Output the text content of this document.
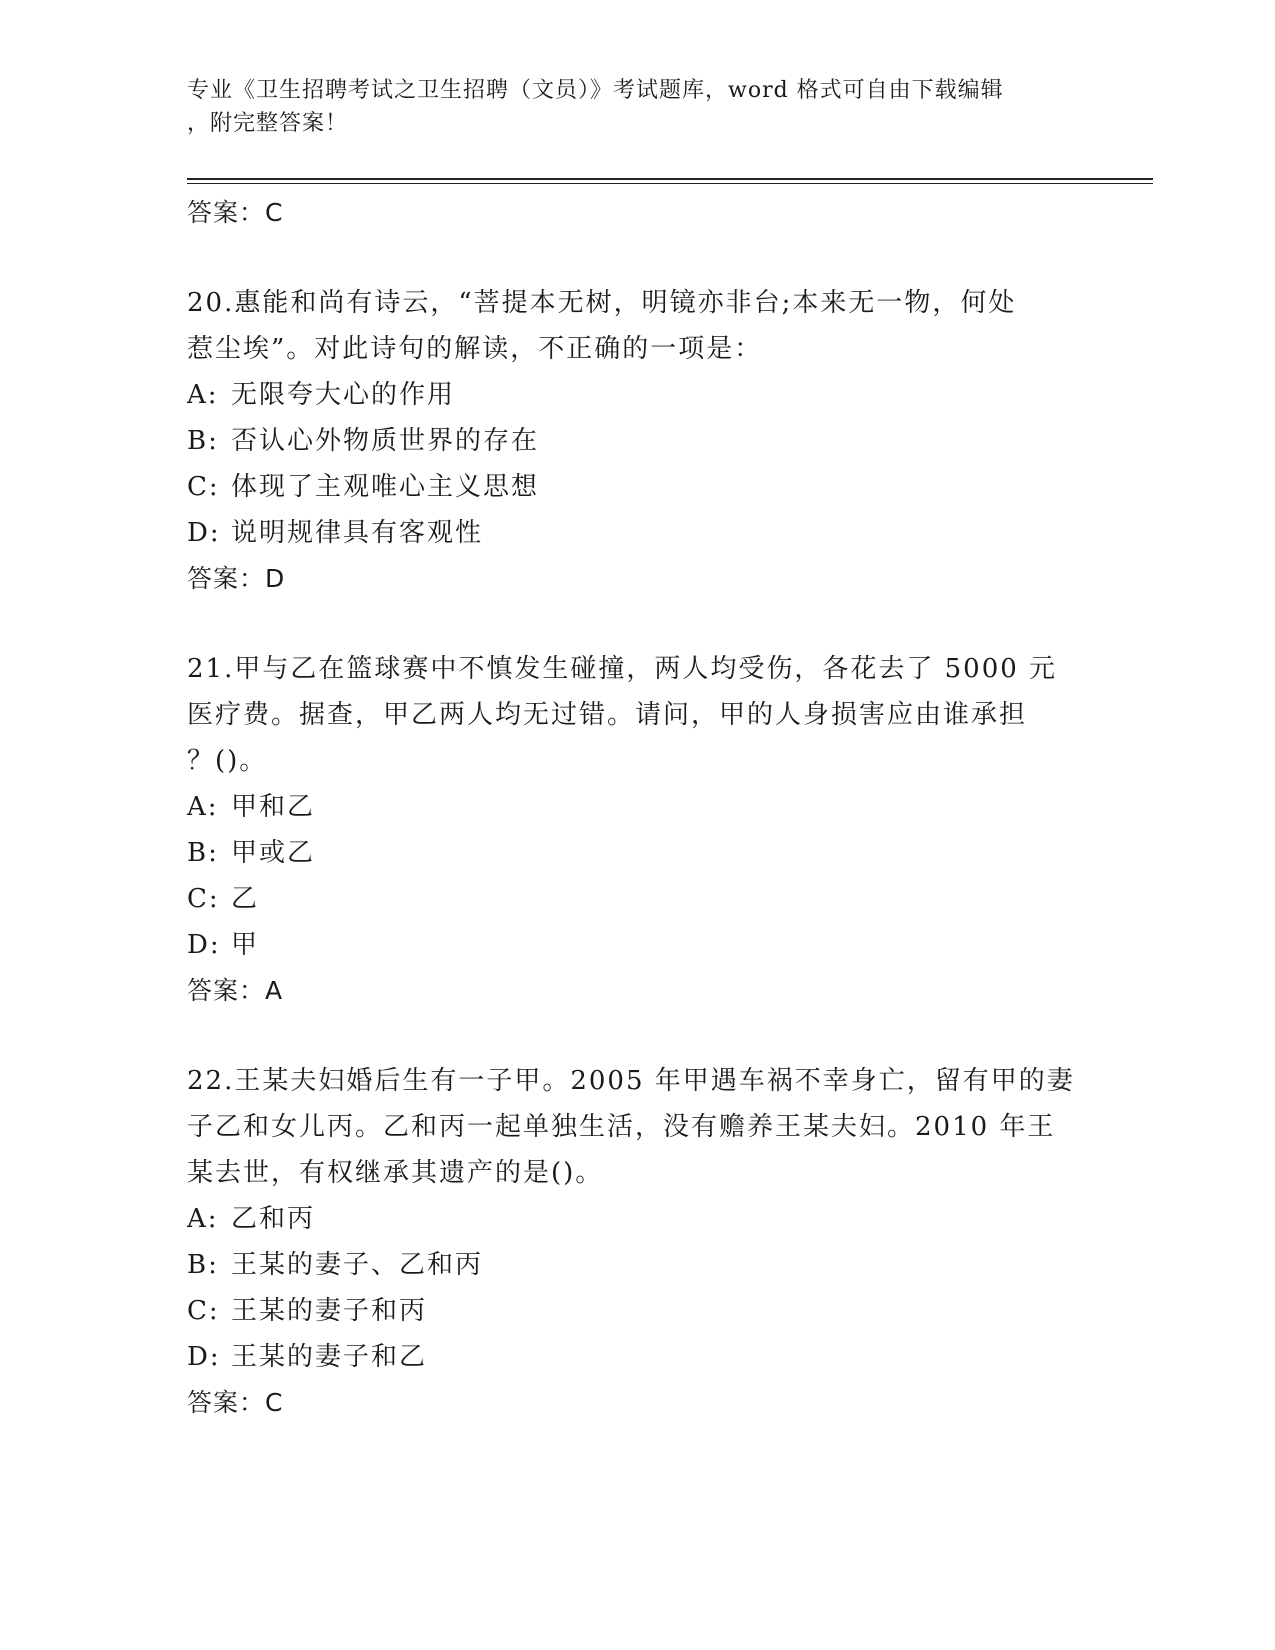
专业《卫生招聘考试之卫生招聘（文员）》考试题库，word 格式可自由下载编辑
，附完整答案！
答案：C
20.惠能和尚有诗云，“菩提本无树，明镜亦非台;本来无一物，何处
惹尘埃”。对此诗句的解读，不正确的一项是：
A: 无限夸大心的作用
B: 否认心外物质世界的存在
C: 体现了主观唯心主义思想
D: 说明规律具有客观性
答案：D
21.甲与乙在篮球赛中不慎发生碰撞，两人均受伤，各花去了 5000 元
医疗费。据查，甲乙两人均无过错。请问，甲的人身损害应由谁承担
？()。
A: 甲和乙
B: 甲或乙
C: 乙
D: 甲
答案：A
22.王某夫妇婚后生有一子甲。2005 年甲遇车祸不幸身亡，留有甲的妻
子乙和女儿丙。乙和丙一起单独生活，没有赡养王某夫妇。2010 年王
某去世，有权继承其遗产的是()。
A: 乙和丙
B: 王某的妻子、乙和丙
C: 王某的妻子和丙
D: 王某的妻子和乙
答案：C
